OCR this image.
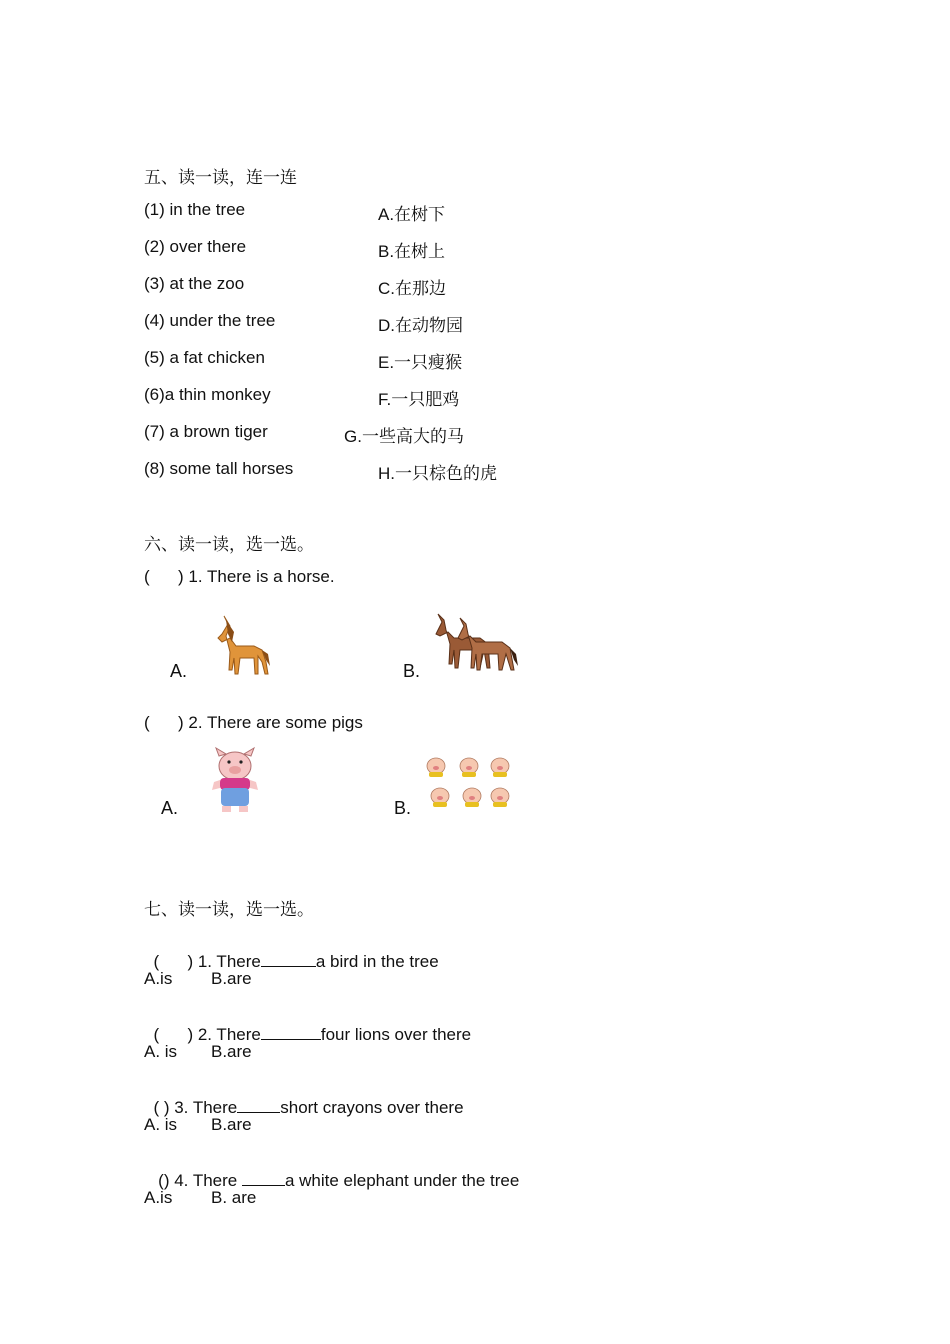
五、读一读，连一连
(1) in the tree
(2) over there
(3) at the zoo
(4) under the tree
(5) a fat chicken
(6)a thin monkey
(7) a brown tiger
(8) some tall horses
A.在树下
B.在树上
C.在那边
D.在动物园
E.一只瘦猴
F.一只肥鸡
G.一些高大的马
H.一只棕色的虎
六、读一读，选一选。
(      ) 1. There is a horse.
A.	B.
(      ) 2. There are some pigs
A.	B.
七、读一读，选一选。

(      ) 1. There	a bird in the tree

A.is B.are

(      ) 2. There	four lions over there

A. is B.are

( ) 3. There	short crayons over there

A. is B.are

() 4. There	a white elephant under the tree

A.is B. are
